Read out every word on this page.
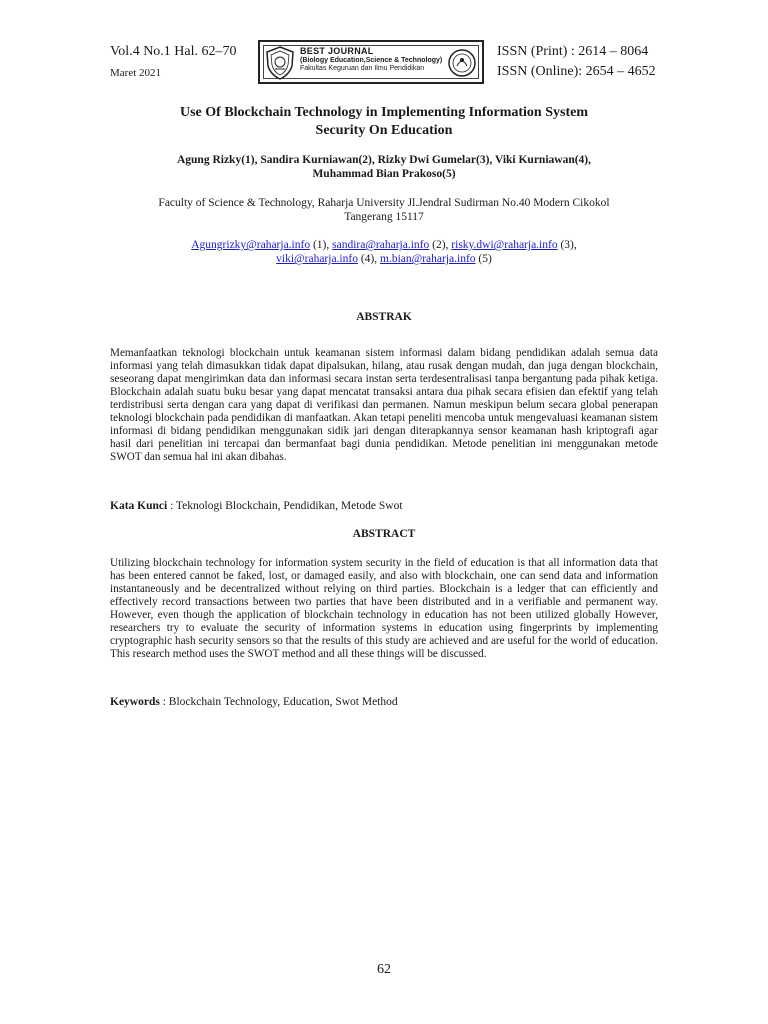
Vol.4 No.1 Hal. 62–70
Maret 2021
BEST JOURNAL
(Biology Education,Science & Technology)
Fakultas Keguruan dan Ilmu Pendidikan
ISSN (Print) : 2614 – 8064
ISSN (Online): 2654 – 4652
Use Of Blockchain Technology in Implementing Information System
Security On Education
Agung Rizky(1), Sandira Kurniawan(2), Rizky Dwi Gumelar(3), Viki Kurniawan(4),
Muhammad Bian Prakoso(5)
Faculty of Science & Technology, Raharja University Jl.Jendral Sudirman No.40 Modern Cikokol
Tangerang 15117
Agungrizky@raharja.info (1), sandira@raharja.info (2), risky.dwi@raharja.info (3),
viki@raharja.info (4), m.bian@raharja.info (5)
ABSTRAK
Memanfaatkan teknologi blockchain untuk keamanan sistem informasi dalam bidang pendidikan adalah semua data informasi yang telah dimasukkan tidak dapat dipalsukan, hilang, atau rusak dengan mudah, dan juga dengan blockchain, seseorang dapat mengirimkan data dan informasi secara instan serta terdesentralisasi tanpa bergantung pada pihak ketiga. Blockchain adalah suatu buku besar yang dapat mencatat transaksi antara dua pihak secara efisien dan efektif yang telah terdistribusi serta dengan cara yang dapat di verifikasi dan permanen. Namun meskipun belum secara global penerapan teknologi blockchain pada pendidikan di manfaatkan. Akan tetapi peneliti mencoba untuk mengevaluasi keamanan sistem informasi di bidang pendidikan menggunakan sidik jari dengan diterapkannya sensor keamanan hash kriptografi agar hasil dari penelitian ini tercapai dan bermanfaat bagi dunia pendidikan. Metode penelitian ini menggunakan metode SWOT dan semua hal ini akan dibahas.
Kata Kunci : Teknologi Blockchain, Pendidikan, Metode Swot
ABSTRACT
Utilizing blockchain technology for information system security in the field of education is that all information data that has been entered cannot be faked, lost, or damaged easily, and also with blockchain, one can send data and information instantaneously and be decentralized without relying on third parties. Blockchain is a ledger that can efficiently and effectively record transactions between two parties that have been distributed and in a verifiable and permanent way. However, even though the application of blockchain technology in education has not been utilized globally However, researchers try to evaluate the security of information systems in education using fingerprints by implementing cryptographic hash security sensors so that the results of this study are achieved and are useful for the world of education. This research method uses the SWOT method and all these things will be discussed.
Keywords : Blockchain Technology, Education, Swot Method
62
